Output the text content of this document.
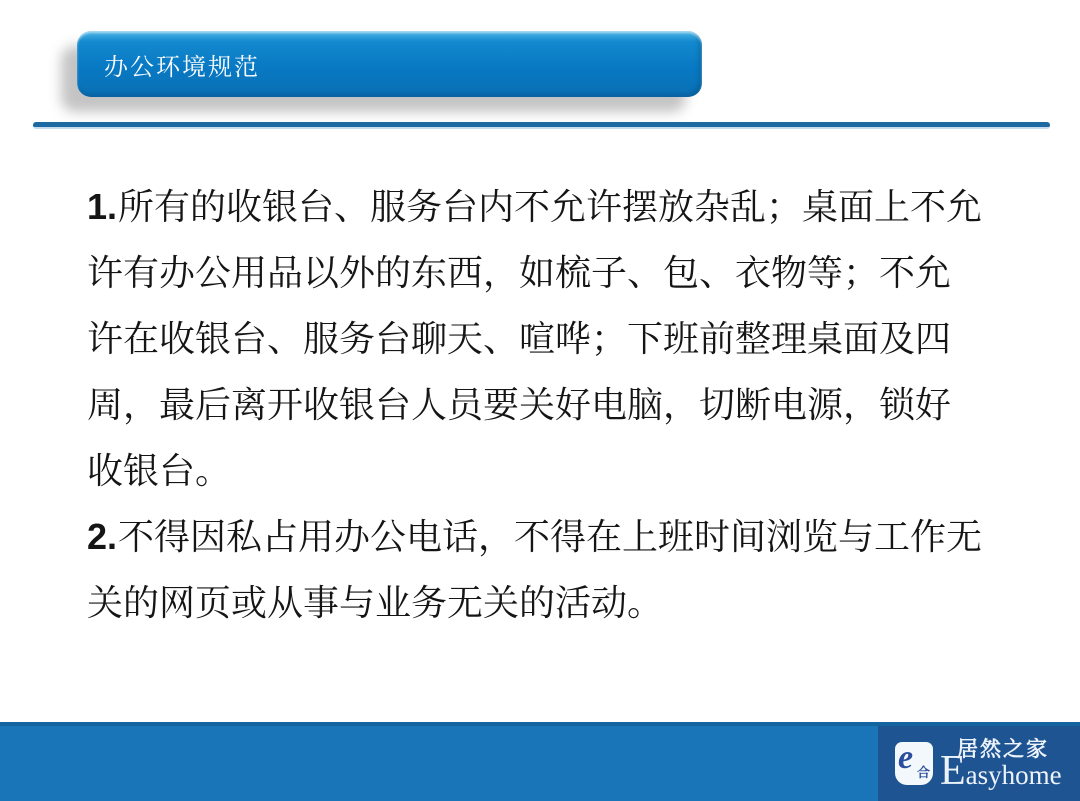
办公环境规范
1.所有的收银台、服务台内不允许摆放杂乱；桌面上不允
许有办公用品以外的东西，如梳子、包、衣物等；不允
许在收银台、服务台聊天、喧哗；下班前整理桌面及四
周，最后离开收银台人员要关好电脑，切断电源，锁好
收银台。
2.不得因私占用办公电话，不得在上班时间浏览与工作无
关的网页或从事与业务无关的活动。
e 合
居然之家
Easyhome
